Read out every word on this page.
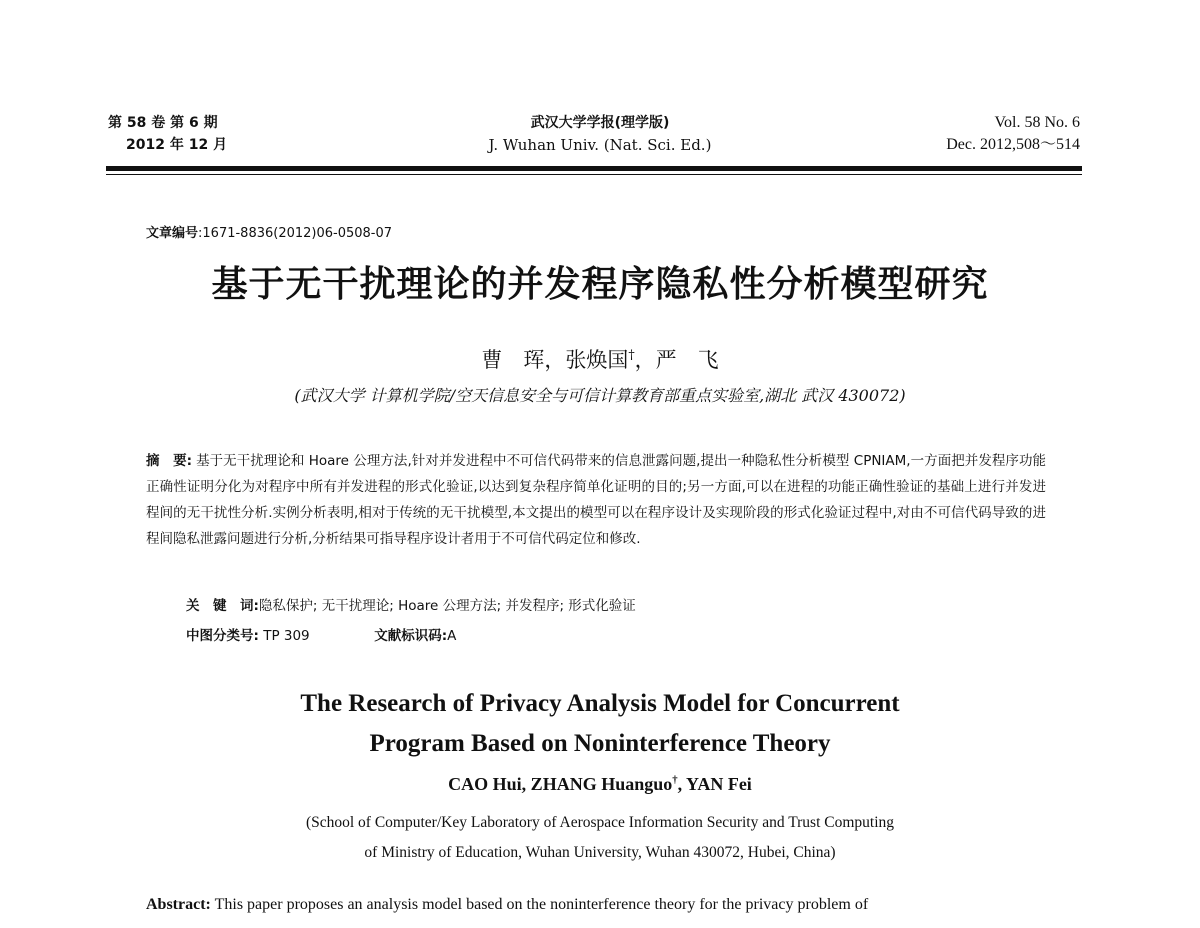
第 58 卷 第 6 期
2012 年 12 月
武汉大学学报(理学版)
J. Wuhan Univ. (Nat. Sci. Ed.)
Vol. 58 No. 6
Dec. 2012,508～514
文章编号:1671-8836(2012)06-0508-07
基于无干扰理论的并发程序隐私性分析模型研究
曹　珲，张焕国†，严　飞
(武汉大学 计算机学院/空天信息安全与可信计算教育部重点实验室,湖北 武汉 430072)
摘　要: 基于无干扰理论和 Hoare 公理方法,针对并发进程中不可信代码带来的信息泄露问题,提出一种隐私性分析模型 CPNIAM,一方面把并发程序功能正确性证明分化为对程序中所有并发进程的形式化验证,以达到复杂程序简单化证明的目的;另一方面,可以在进程的功能正确性验证的基础上进行并发进程间的无干扰性分析.实例分析表明,相对于传统的无干扰模型,本文提出的模型可以在程序设计及实现阶段的形式化验证过程中,对由不可信代码导致的进程间隐私泄露问题进行分析,分析结果可指导程序设计者用于不可信代码定位和修改.
关　键　词:隐私保护; 无干扰理论; Hoare 公理方法; 并发程序; 形式化验证
中图分类号: TP 309	文献标识码:A
The Research of Privacy Analysis Model for Concurrent
Program Based on Noninterference Theory
CAO Hui, ZHANG Huanguo†, YAN Fei
(School of Computer/Key Laboratory of Aerospace Information Security and Trust Computing
of Ministry of Education, Wuhan University, Wuhan 430072, Hubei, China)
Abstract: This paper proposes an analysis model based on the noninterference theory for the privacy problem of
